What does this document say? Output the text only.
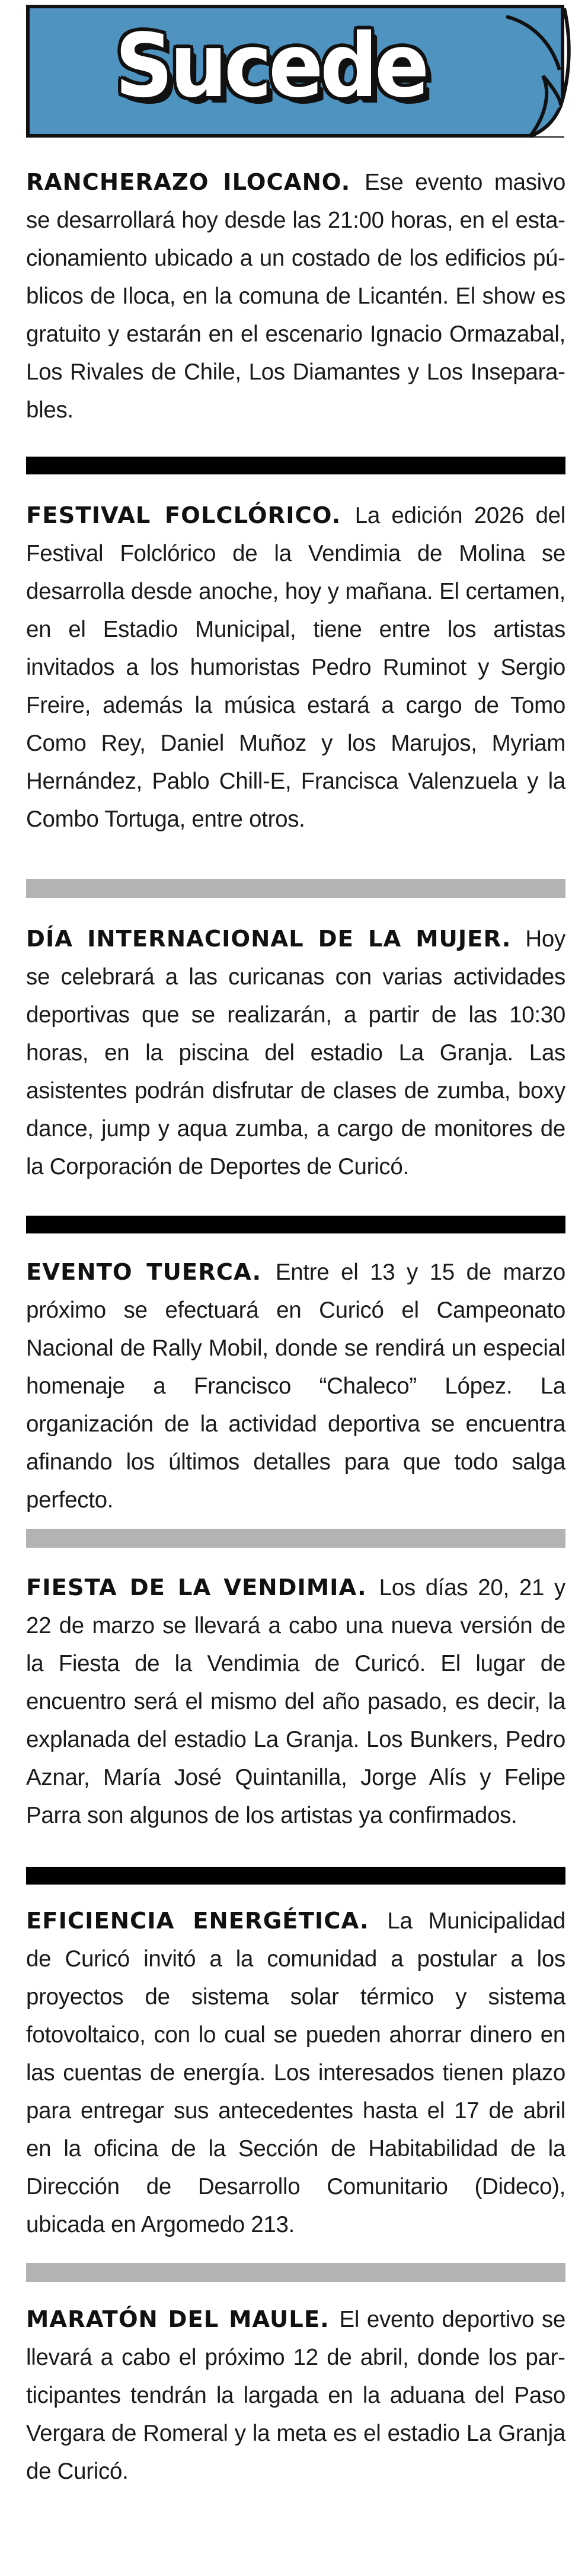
Sucede
RANCHERAZO ILOCANO. Ese evento masivo se desarrollará hoy desde las 21:00 horas, en el estacionamiento ubicado a un costado de los edificios públicos de Iloca, en la comuna de Licantén. El show es gratuito y estarán en el escenario Ignacio Ormazabal, Los Rivales de Chile, Los Diamantes y Los Inseparables.
FESTIVAL FOLCLÓRICO. La edición 2026 del Festival Folclórico de la Vendimia de Molina se desarrolla desde anoche, hoy y mañana. El certamen, en el Estadio Municipal, tiene entre los artistas invitados a los humoristas Pedro Ruminot y Sergio Freire, además la música estará a cargo de Tomo Como Rey, Daniel Muñoz y los Marujos, Myriam Hernández, Pablo Chill-E, Francisca Valenzuela y la Combo Tortuga, entre otros.
DÍA INTERNACIONAL DE LA MUJER. Hoy se celebrará a las curicanas con varias actividades deportivas que se realizarán, a partir de las 10:30 horas, en la piscina del estadio La Granja. Las asistentes podrán disfrutar de clases de zumba, boxy dance, jump y aqua zumba, a cargo de monitores de la Corporación de Deportes de Curicó.
EVENTO TUERCA. Entre el 13 y 15 de marzo próximo se efectuará en Curicó el Campeonato Nacional de Rally Mobil, donde se rendirá un especial homenaje a Francisco “Chaleco” López. La organización de la actividad deportiva se encuentra afinando los últimos detalles para que todo salga perfecto.
FIESTA DE LA VENDIMIA. Los días 20, 21 y 22 de marzo se llevará a cabo una nueva versión de la Fiesta de la Vendimia de Curicó. El lugar de encuentro será el mismo del año pasado, es decir, la explanada del estadio La Granja. Los Bunkers, Pedro Aznar, María José Quintanilla, Jorge Alís y Felipe Parra son algunos de los artistas ya confirmados.
EFICIENCIA ENERGÉTICA. La Municipalidad de Curicó invitó a la comunidad a postular a los proyectos de sistema solar térmico y sistema fotovoltaico, con lo cual se pueden ahorrar dinero en las cuentas de energía. Los interesados tienen plazo para entregar sus antecedentes hasta el 17 de abril en la oficina de la Sección de Habitabilidad de la Dirección de Desarrollo Comunitario (Dideco), ubicada en Argomedo 213.
MARATÓN DEL MAULE. El evento deportivo se llevará a cabo el próximo 12 de abril, donde los participantes tendrán la largada en la aduana del Paso Vergara de Romeral y la meta es el estadio La Granja de Curicó.
